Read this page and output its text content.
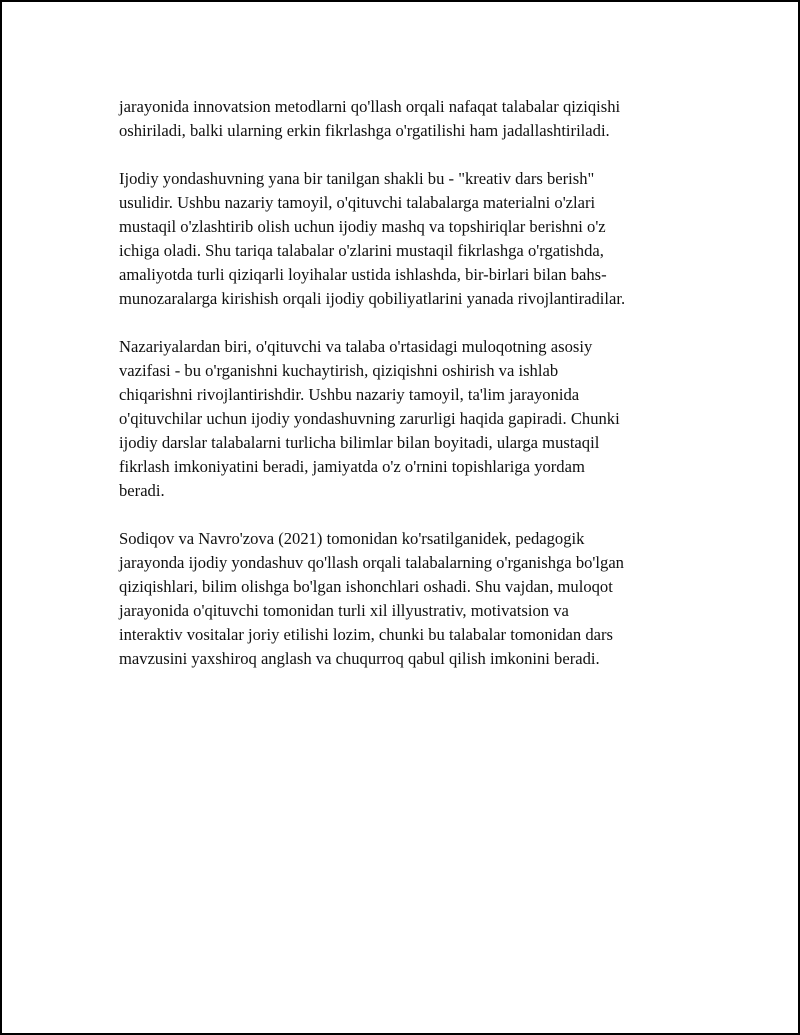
jarayonida innovatsion metodlarni qo'llash orqali nafaqat talabalar qiziqishi
oshiriladi, balki ularning erkin fikrlashga o'rgatilishi ham jadallashtiriladi.

Ijodiy yondashuvning yana bir tanilgan shakli bu - "kreativ dars berish"
usulidir. Ushbu nazariy tamoyil, o'qituvchi talabalarga materialni o'zlari
mustaqil o'zlashtirib olish uchun ijodiy mashq va topshiriqlar berishni o'z
ichiga oladi. Shu tariqa talabalar o'zlarini mustaqil fikrlashga o'rgatishda,
amaliyotda turli qiziqarli loyihalar ustida ishlashda, bir-birlari bilan bahs-
munozaralarga kirishish orqali ijodiy qobiliyatlarini yanada rivojlantiradilar.

Nazariyalardan biri, o'qituvchi va talaba o'rtasidagi muloqotning asosiy
vazifasi - bu o'rganishni kuchaytirish, qiziqishni oshirish va ishlab
chiqarishni rivojlantirishdir. Ushbu nazariy tamoyil, ta'lim jarayonida
o'qituvchilar uchun ijodiy yondashuvning zarurligi haqida gapiradi. Chunki
ijodiy darslar talabalarni turlicha bilimlar bilan boyitadi, ularga mustaqil
fikrlash imkoniyatini beradi, jamiyatda o'z o'rnini topishlariga yordam
beradi.

Sodiqov va Navro'zova (2021) tomonidan ko'rsatilganidek, pedagogik
jarayonda ijodiy yondashuv qo'llash orqali talabalarning o'rganishga bo'lgan
qiziqishlari, bilim olishga bo'lgan ishonchlari oshadi. Shu vajdan, muloqot
jarayonida o'qituvchi tomonidan turli xil illyustrativ, motivatsion va
interaktiv vositalar joriy etilishi lozim, chunki bu talabalar tomonidan dars
mavzusini yaxshiroq anglash va chuqurroq qabul qilish imkonini beradi.
